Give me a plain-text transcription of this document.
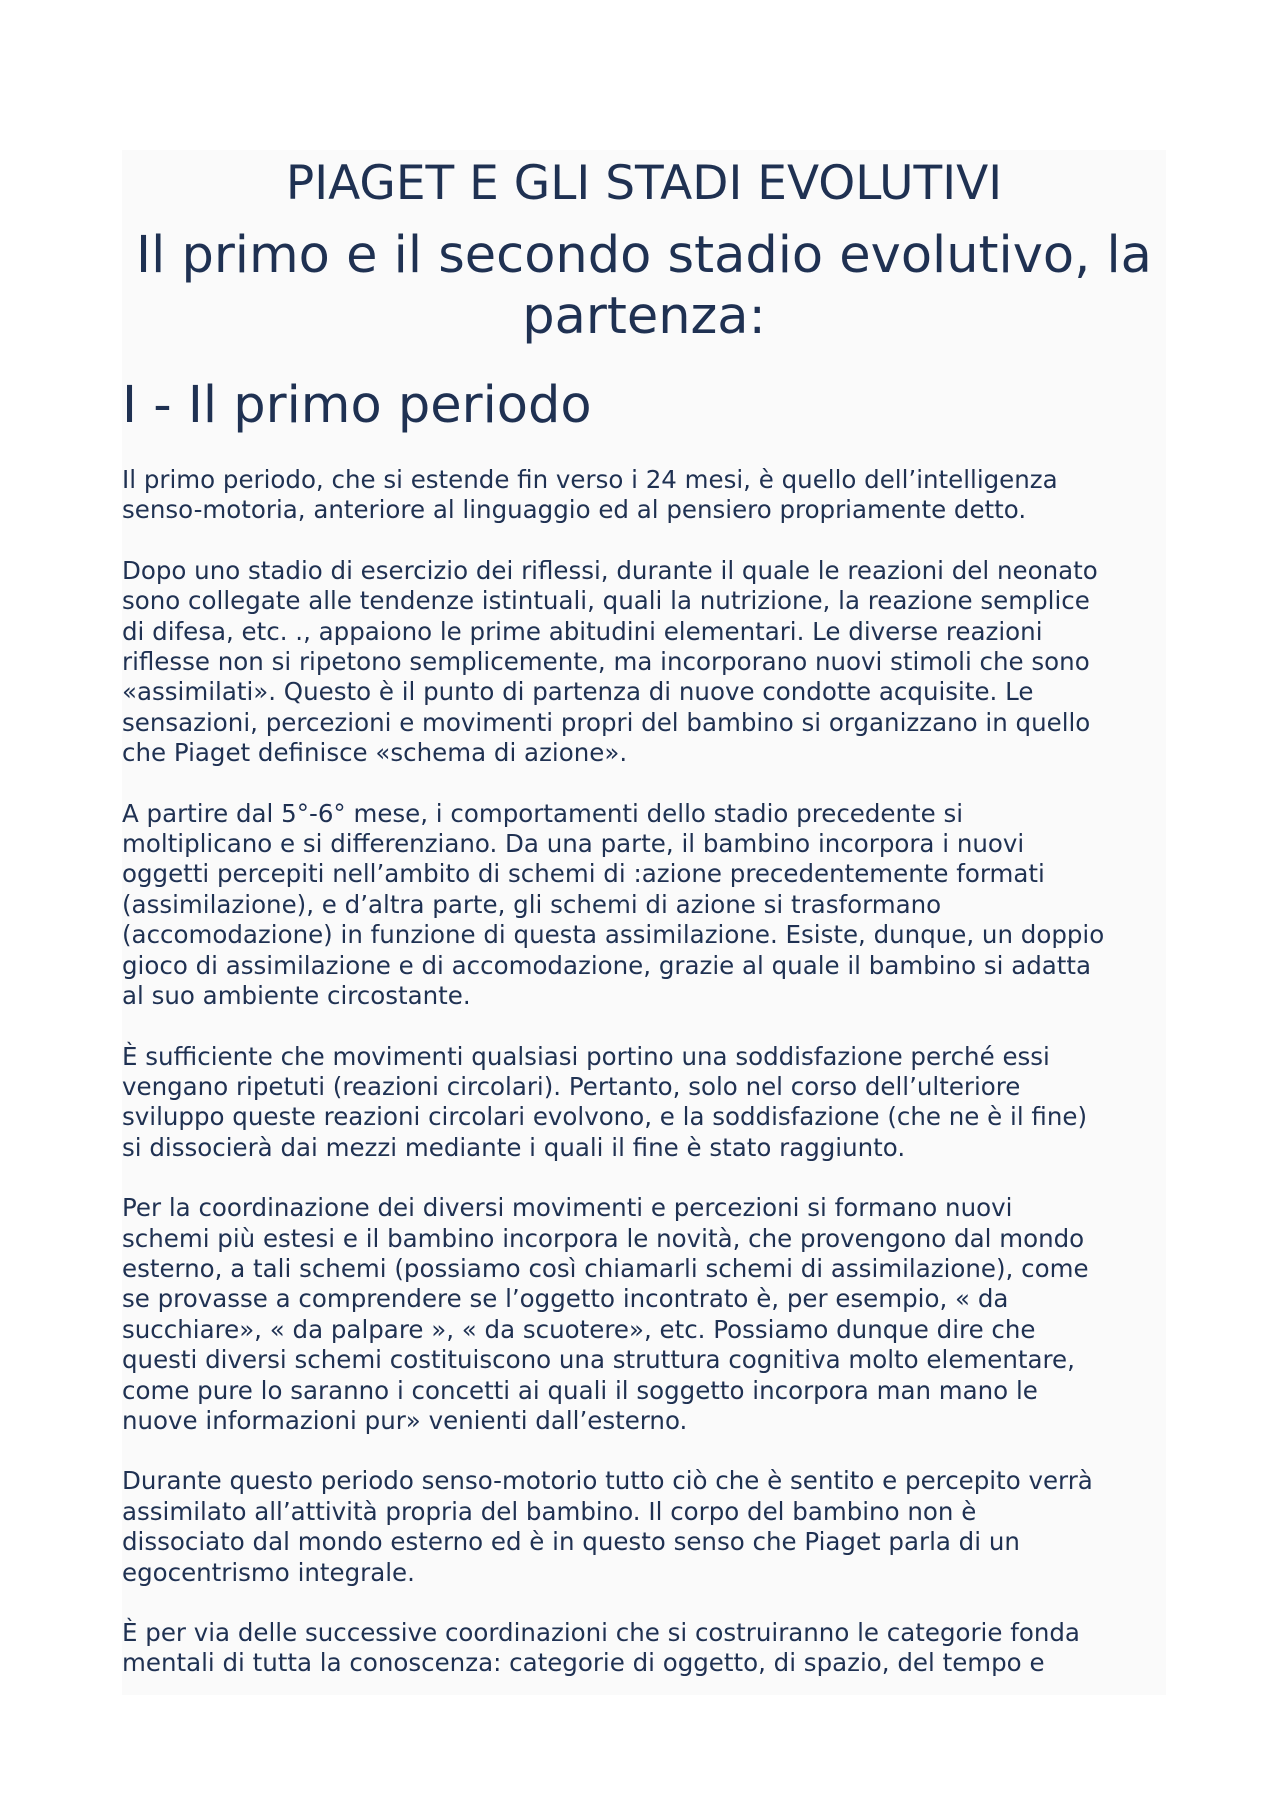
PIAGET E GLI STADI EVOLUTIVI
Il primo e il secondo stadio evolutivo, la
partenza:
I - Il primo periodo

Il primo periodo, che si estende fin verso i 24 mesi, è quello dell’intelligenza
senso-motoria, anteriore al linguaggio ed al pensiero propriamente detto.

Dopo uno stadio di esercizio dei riflessi, durante il quale le reazioni del neonato
sono collegate alle tendenze istintuali, quali la nutrizione, la reazione semplice
di difesa, etc. ., appaiono le prime abitudini elementari. Le diverse reazioni
riflesse non si ripetono semplicemente, ma incorporano nuovi stimoli che sono
«assimilati». Questo è il punto di partenza di nuove condotte acquisite. Le
sensazioni, percezioni e movimenti propri del bambino si organizzano in quello
che Piaget definisce «schema di azione».

A partire dal 5°-6° mese, i comportamenti dello stadio precedente si
moltiplicano e si differenziano. Da una parte, il bambino incorpora i nuovi
oggetti percepiti nell’ambito di schemi di :azione precedentemente formati
(assimilazione), e d’altra parte, gli schemi di azione si trasformano
(accomodazione) in funzione di questa assimilazione. Esiste, dunque, un doppio
gioco di assimilazione e di accomodazione, grazie al quale il bambino si adatta
al suo ambiente circostante.

È sufficiente che movimenti qualsiasi portino una soddisfazione perché essi
vengano ripetuti (reazioni circolari). Pertanto, solo nel corso dell’ulteriore
sviluppo queste reazioni circolari evolvono, e la soddisfazione (che ne è il fine)
si dissocierà dai mezzi mediante i quali il fine è stato raggiunto.

Per la coordinazione dei diversi movimenti e percezioni si formano nuovi
schemi più estesi e il bambino incorpora le novità, che provengono dal mondo
esterno, a tali schemi (possiamo così chiamarli schemi di assimilazione), come
se provasse a comprendere se l’oggetto incontrato è, per esempio, « da
succhiare», « da palpare », « da scuotere», etc. Possiamo dunque dire che
questi diversi schemi costituiscono una struttura cognitiva molto elementare,
come pure lo saranno i concetti ai quali il soggetto incorpora man mano le
nuove informazioni pur» venienti dall’esterno.

Durante questo periodo senso-motorio tutto ciò che è sentito e percepito verrà
assimilato all’attività propria del bambino. Il corpo del bambino non è
dissociato dal mondo esterno ed è in questo senso che Piaget parla di un
egocentrismo integrale.

È per via delle successive coordinazioni che si costruiranno le categorie fonda
mentali di tutta la conoscenza: categorie di oggetto, di spazio, del tempo e
